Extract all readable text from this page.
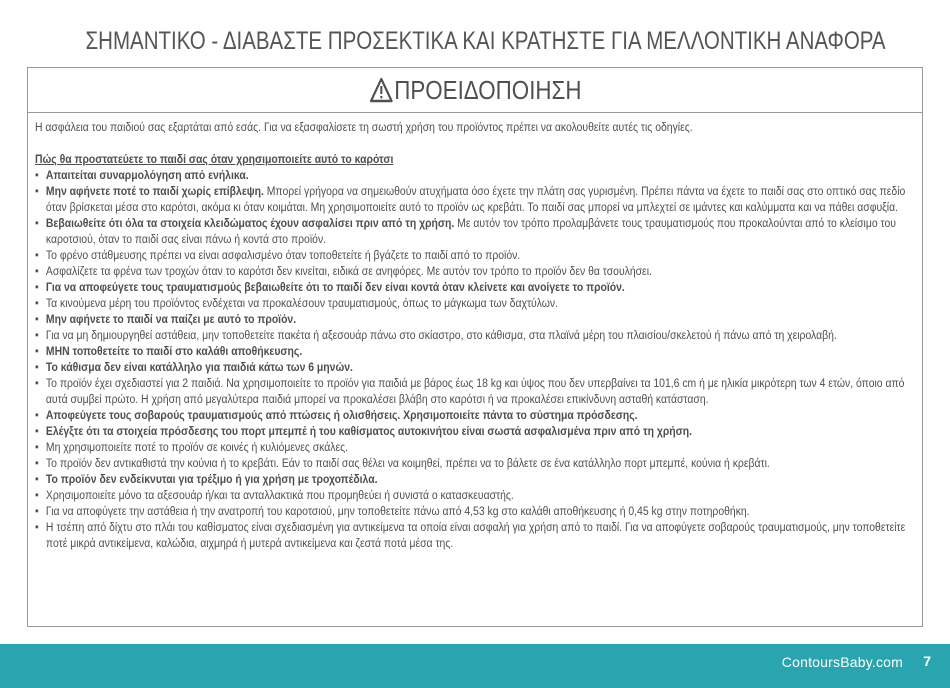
ΣΗΜΑΝΤΙΚΟ - ΔΙΑΒΑΣΤΕ ΠΡΟΣΕΚΤΙΚΑ ΚΑΙ ΚΡΑΤΗΣΤΕ ΓΙΑ ΜΕΛΛΟΝΤΙΚΗ ΑΝΑΦΟΡΑ
ΠΡΟΕΙΔΟΠΟΙΗΣΗ
Η ασφάλεια του παιδιού σας εξαρτάται από εσάς. Για να εξασφαλίσετε τη σωστή χρήση του προϊόντος πρέπει να ακολουθείτε αυτές τις οδηγίες.
Πώς θα προστατεύετε το παιδί σας όταν χρησιμοποιείτε αυτό το καρότσι
• Απαιτείται συναρμολόγηση από ενήλικα.
• Μην αφήνετε ποτέ το παιδί χωρίς επίβλεψη. Μπορεί γρήγορα να σημειωθούν ατυχήματα όσο έχετε την πλάτη σας γυρισμένη. Πρέπει πάντα να έχετε το παιδί σας στο οπτικό σας πεδίο όταν βρίσκεται μέσα στο καρότσι, ακόμα κι όταν κοιμάται. Μη χρησιμοποιείτε αυτό το προϊόν ως κρεβάτι. Το παιδί σας μπορεί να μπλεχτεί σε ιμάντες και καλύμματα και να πάθει ασφυξία.
• Βεβαιωθείτε ότι όλα τα στοιχεία κλειδώματος έχουν ασφαλίσει πριν από τη χρήση. Με αυτόν τον τρόπο προλαμβάνετε τους τραυματισμούς που προκαλούνται από το κλείσιμο του καροτσιού, όταν το παιδί σας είναι πάνω ή κοντά στο προϊόν.
• Το φρένο στάθμευσης πρέπει να είναι ασφαλισμένο όταν τοποθετείτε ή βγάζετε το παιδί από το προϊόν.
• Ασφαλίζετε τα φρένα των τροχών όταν το καρότσι δεν κινείται, ειδικά σε ανηφόρες. Με αυτόν τον τρόπο το προϊόν δεν θα τσουλήσει.
• Για να αποφεύγετε τους τραυματισμούς βεβαιωθείτε ότι το παιδί δεν είναι κοντά όταν κλείνετε και ανοίγετε το προϊόν.
• Τα κινούμενα μέρη του προϊόντος ενδέχεται να προκαλέσουν τραυματισμούς, όπως το μάγκωμα των δαχτύλων.
• Μην αφήνετε το παιδί να παίζει με αυτό το προϊόν.
• Για να μη δημιουργηθεί αστάθεια, μην τοποθετείτε πακέτα ή αξεσουάρ πάνω στο σκίαστρο, στο κάθισμα, στα πλαϊνά μέρη του πλαισίου/σκελετού ή πάνω από τη χειρολαβή.
• ΜΗΝ τοποθετείτε το παιδί στο καλάθι αποθήκευσης.
• Το κάθισμα δεν είναι κατάλληλο για παιδιά κάτω των 6 μηνών.
• Το προϊόν έχει σχεδιαστεί για 2 παιδιά. Να χρησιμοποιείτε το προϊόν για παιδιά με βάρος έως 18 kg και ύψος που δεν υπερβαίνει τα 101,6 cm ή με ηλικία μικρότερη των 4 ετών, όποιο από αυτά συμβεί πρώτο. Η χρήση από μεγαλύτερα παιδιά μπορεί να προκαλέσει βλάβη στο καρότσι ή να προκαλέσει επικίνδυνη ασταθή κατάσταση.
• Αποφεύγετε τους σοβαρούς τραυματισμούς από πτώσεις ή ολισθήσεις. Χρησιμοποιείτε πάντα το σύστημα πρόσδεσης.
• Ελέγξτε ότι τα στοιχεία πρόσδεσης του πορτ μπεμπέ ή του καθίσματος αυτοκινήτου είναι σωστά ασφαλισμένα πριν από τη χρήση.
• Μη χρησιμοποιείτε ποτέ το προϊόν σε κοινές ή κυλιόμενες σκάλες.
• Το προϊόν δεν αντικαθιστά την κούνια ή το κρεβάτι. Εάν το παιδί σας θέλει να κοιμηθεί, πρέπει να το βάλετε σε ένα κατάλληλο πορτ μπεμπέ, κούνια ή κρεβάτι.
• Το προϊόν δεν ενδείκνυται για τρέξιμο ή για χρήση με τροχοπέδιλα.
• Χρησιμοποιείτε μόνο τα αξεσουάρ ή/και τα ανταλλακτικά που προμηθεύει ή συνιστά ο κατασκευαστής.
• Για να αποφύγετε την αστάθεια ή την ανατροπή του καροτσιού, μην τοποθετείτε πάνω από 4,53 kg στο καλάθι αποθήκευσης ή 0,45 kg στην ποτηροθήκη.
• Η τσέπη από δίχτυ στο πλάι του καθίσματος είναι σχεδιασμένη για αντικείμενα τα οποία είναι ασφαλή για χρήση από το παιδί. Για να αποφύγετε σοβαρούς τραυματισμούς, μην τοποθετείτε ποτέ μικρά αντικείμενα, καλώδια, αιχμηρά ή μυτερά αντικείμενα και ζεστά ποτά μέσα της.
ContoursBaby.com 7
